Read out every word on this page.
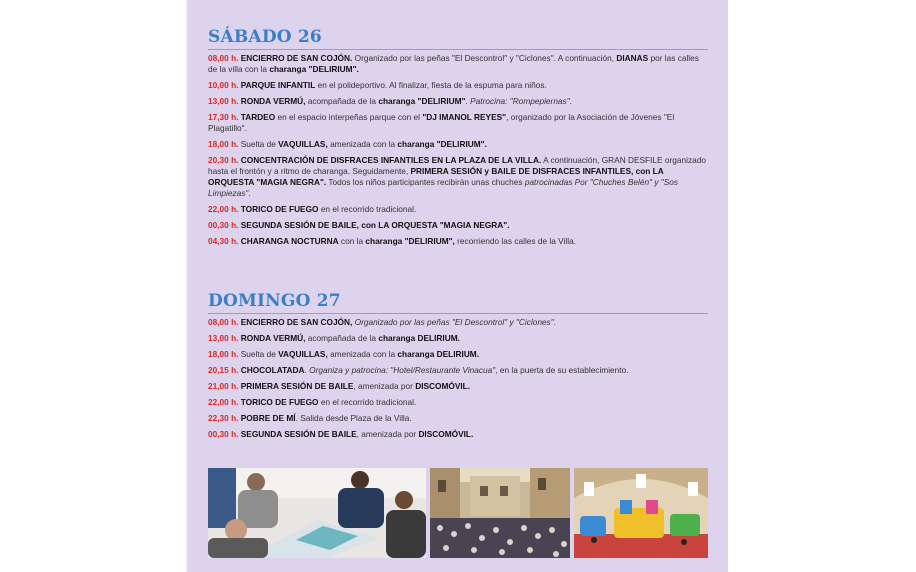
SÁBADO 26
08,00 h. ENCIERRO DE SAN COJÓN. Organizado por las peñas "El Descontrol" y "Ciclones". A continuación, DIANAS por las calles de la villa con la charanga "DELIRIUM".
10,00 h. PARQUE INFANTIL en el polideportivo. Al finalizar, fiesta de la espuma para niños.
13,00 h. RONDA VERMÚ, acompañada de la charanga "DELIRIUM". Patrocina: "Rompepiernas".
17,30 h. TARDEO en el espacio interpeñas parque con el "DJ IMANOL REYES", organizado por la Asociación de Jóvenes "El Plagatillo".
18,00 h. Suelta de VAQUILLAS, amenizada con la charanga "DELIRIUM".
20,30 h. CONCENTRACIÓN DE DISFRACES INFANTILES EN LA PLAZA DE LA VILLA. A continuación, GRAN DESFILE organizado hasta el frontón y a ritmo de charanga. Seguidamente, PRIMERA SESIÓN y BAILE DE DISFRACES INFANTILES, con LA ORQUESTA "MAGIA NEGRA". Todos los niños participantes recibirán unas chuches patrocinadas Por "Chuches Belén" y "Sos Limpiezas".
22,00 h. TORICO DE FUEGO en el recorrido tradicional.
00,30 h. SEGUNDA SESIÓN DE BAILE, con LA ORQUESTA "MAGIA NEGRA".
04,30 h. CHARANGA NOCTURNA con la charanga "DELIRIUM", recorriendo las calles de la Villa.
DOMINGO 27
08,00 h. ENCIERRO DE SAN COJÓN, Organizado por las peñas "El Descontrol" y "Ciclones".
13,00 h. RONDA VERMÚ, acompañada de la charanga DELIRIUM.
18,00 h. Suelta de VAQUILLAS, amenizada con la charanga DELIRIUM.
20,15 h. CHOCOLATADA. Organiza y patrocina: "Hotel/Restaurante Vinacua", en la puerta de su establecimiento.
21,00 h. PRIMERA SESIÓN DE BAILE, amenizada por DISCOMÓVIL.
22,00 h. TORICO DE FUEGO en el recorrido tradicional.
22,30 h. POBRE DE MÍ. Salida desde Plaza de la Villa.
00,30 h. SEGUNDA SESIÓN DE BAILE, amenizada por DISCOMÓVIL.
